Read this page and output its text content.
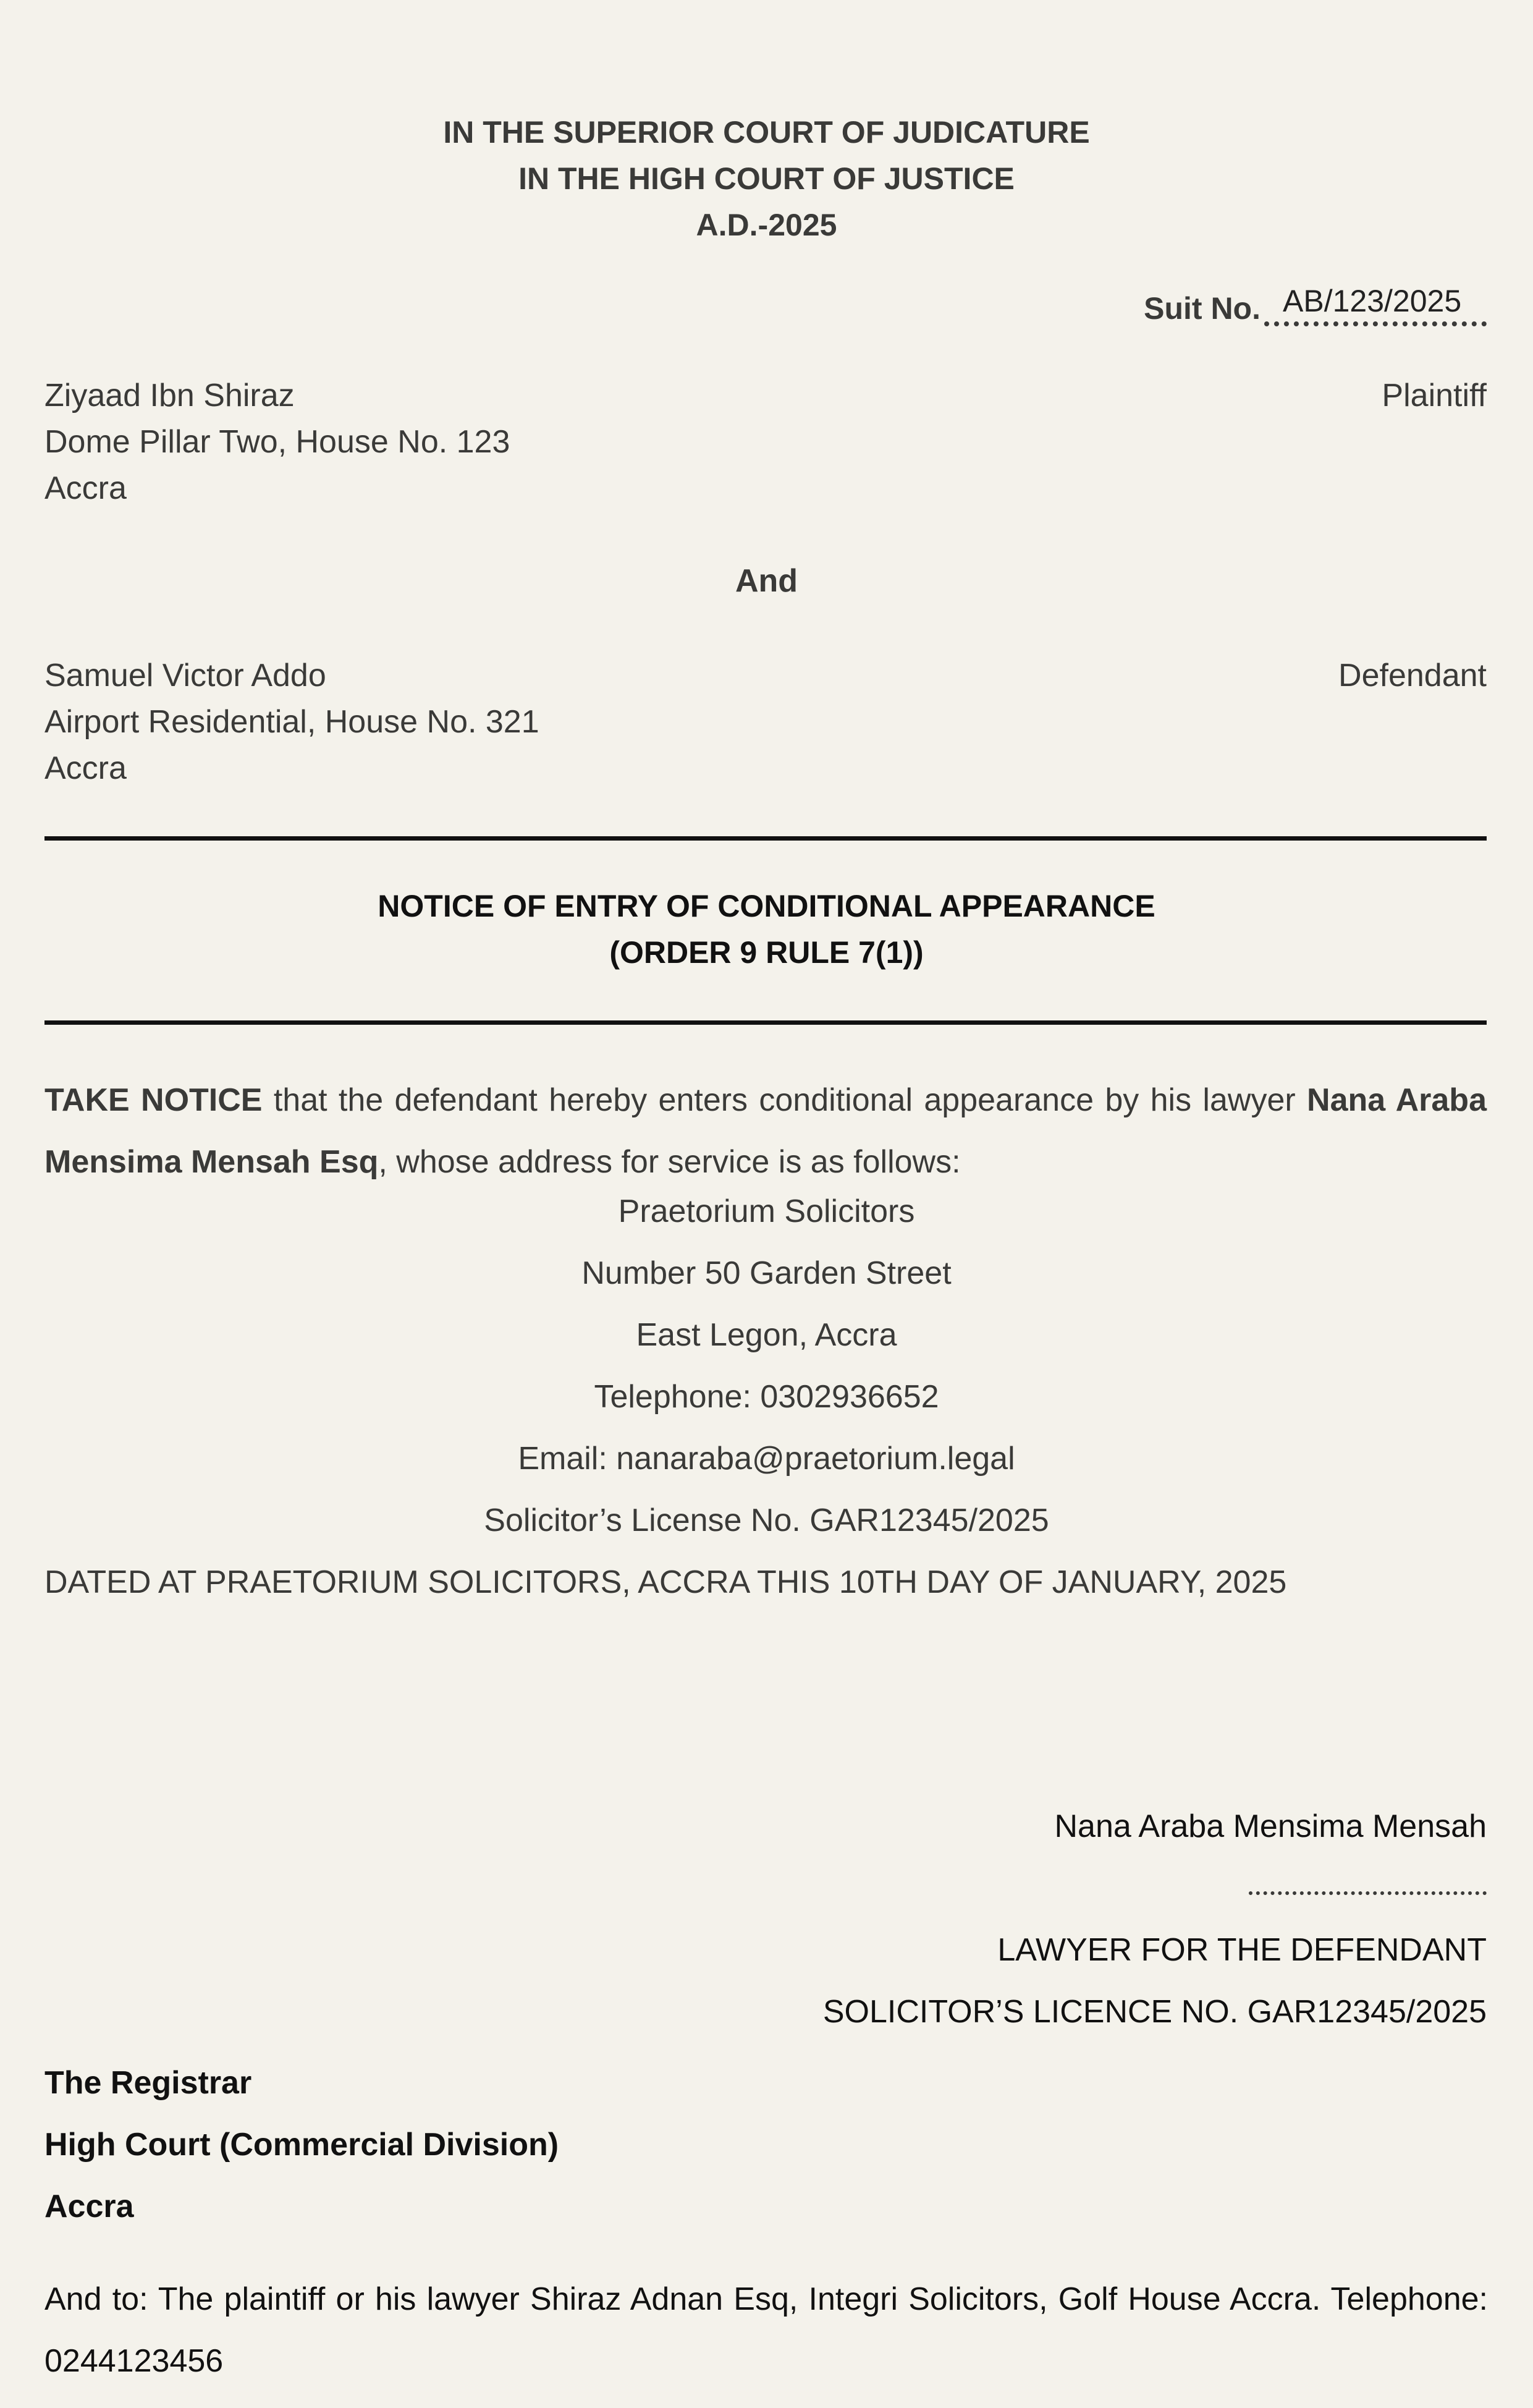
IN THE SUPERIOR COURT OF JUDICATURE
IN THE HIGH COURT OF JUSTICE
A.D.-2025
Suit No. AB/123/2025
Ziyaad Ibn Shiraz
Dome Pillar Two, House No. 123
Accra
Plaintiff
And
Samuel Victor Addo
Airport Residential, House No. 321
Accra
Defendant
NOTICE OF ENTRY OF CONDITIONAL APPEARANCE
(ORDER 9 RULE 7(1))
TAKE NOTICE that the defendant hereby enters conditional appearance by his lawyer Nana Araba Mensima Mensah Esq, whose address for service is as follows:
Praetorium Solicitors
Number 50 Garden Street
East Legon, Accra
Telephone: 0302936652
Email: nanaraba@praetorium.legal
Solicitor’s License No. GAR12345/2025
DATED AT PRAETORIUM SOLICITORS, ACCRA THIS 10TH DAY OF JANUARY, 2025
Nana Araba Mensima Mensah
LAWYER FOR THE DEFENDANT
SOLICITOR’S LICENCE NO. GAR12345/2025
The Registrar
High Court (Commercial Division)
Accra
And to: The plaintiff or his lawyer Shiraz Adnan Esq, Integri Solicitors, Golf House Accra. Telephone: 0244123456
